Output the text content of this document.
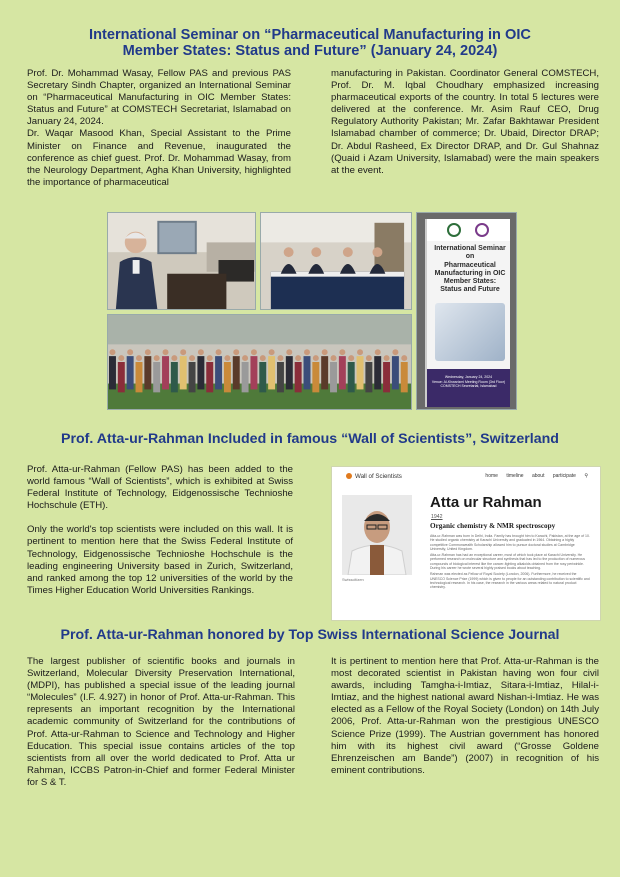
International Seminar on “Pharmaceutical Manufacturing in OIC
Member States: Status and Future” (January 24, 2024)

Prof. Dr. Mohammad Wasay, Fellow PAS and previous PAS Secretary Sindh Chapter, organized an International Seminar on “Pharmaceutical Manufacturing in OIC Member States: Status and Future” at COMSTECH Secretariat, Islamabad on January 24, 2024.

Dr. Waqar Masood Khan, Special Assistant to the Prime Minister on Finance and Revenue, inaugurated the conference as chief guest. Prof. Dr. Mohammad Wasay, from the Neurology Department, Agha Khan University, highlighted the importance of pharmaceutical

manufacturing in Pakistan. Coordinator General COMSTECH, Prof. Dr. M. Iqbal Choudhary emphasized increasing pharmaceutical exports of the country. In total 5 lectures were delivered at the conference. Mr. Asim Rauf CEO, Drug Regulatory Authority Pakistan; Mr. Zafar Bakhtawar President Islamabad chamber of commerce; Dr. Ubaid, Director DRAP; Dr. Abdul Rasheed, Ex Director DRAP, and Dr. Gul Shahnaz (Quaid i Azam University, Islamabad) were the main speakers at the event.

International Seminar
on
Pharmaceutical
Manufacturing in OIC
Member States:
Status and Future
Wednesday, January 24, 2024
Venue: Al-Khwarizmi Meeting Room (3rd Floor)
COMSTECH Secretariat, Islamabad
Prof. Atta-ur-Rahman Included in famous “Wall of Scientists”, Switzerland

Prof. Atta-ur-Rahman (Fellow PAS) has been added to the world famous “Wall of Scientists”, which is exhibited at Swiss Federal Institute of Technology, Eidgenossische Technioshe Hochschule (ETH).

Only the world's top scientists were included on this wall. It is pertinent to mention here that the Swiss Federal Institute of Technology, Eidgenossische Technioshe Hochschule is the leading engineering University based in Zurich, Switzerland, and ranked among the top 12 universities of the world by the Times Higher Education World Universities Rankings.

Wall of Scientists	home timeline about participate ⚲
Swisscitizen
Atta ur Rahman
1942
Organic chemistry & NMR spectroscopy

Atta-ur-Rahman was born in Delhi, India. Family has brought him to Karachi, Pakistan, at the age of 10. He studied organic chemistry at Karachi University and graduated in 1964. Obtaining a highly competitive Commonwealth Scholarship allowed him to pursue doctoral studies at Cambridge University, United Kingdom.

Atta-ur-Rahman has had an exceptional career, most of which took place at Karachi University. He performed research on molecular structure and synthesis that has led to the production of numerous compounds of biological interest like the cancer-fighting alkaloids obtained from the rosy periwinkle. During his career he wrote several highly praised books about teaching.

Rahman was elected as Fellow of Royal Society (London, 2006). Furthermore, he received the UNESCO Science Prize (1999) which is given to people for an outstanding contribution to scientific and technological research. In his case, the research in the various areas related to natural product chemistry.

Prof. Atta-ur-Rahman honored by Top Swiss International Science Journal

The largest publisher of scientific books and journals in Switzerland, Molecular Diversity Preservation International, (MDPI), has published a special issue of the leading journal “Molecules” (I.F. 4.927) in honor of Prof. Atta-ur-Rahman. This represents an important recognition by the International academic community of Switzerland for the contributions of Prof. Atta-ur-Rahman to Science and Technology and Higher Education. This special issue contains articles of the top scientists from all over the world dedicated to Prof. Atta ur Rahman, ICCBS Patron-in-Chief and former Federal Minister for S & T.

It is pertinent to mention here that Prof. Atta-ur-Rahman is the most decorated scientist in Pakistan having won four civil awards, including Tamgha-i-Imtiaz, Sitara-i-Imtiaz, Hilal-i-Imtiaz, and the highest national award Nishan-i-Imtiaz. He was elected as a Fellow of the Royal Society (London) on 14th July 2006, Prof. Atta-ur-Rahman won the prestigious UNESCO Science Prize (1999). The Austrian government has honored him with its highest civil award (“Grosse Goldene Ehrenzeischen am Bande”) (2007) in recognition of his eminent contributions.
